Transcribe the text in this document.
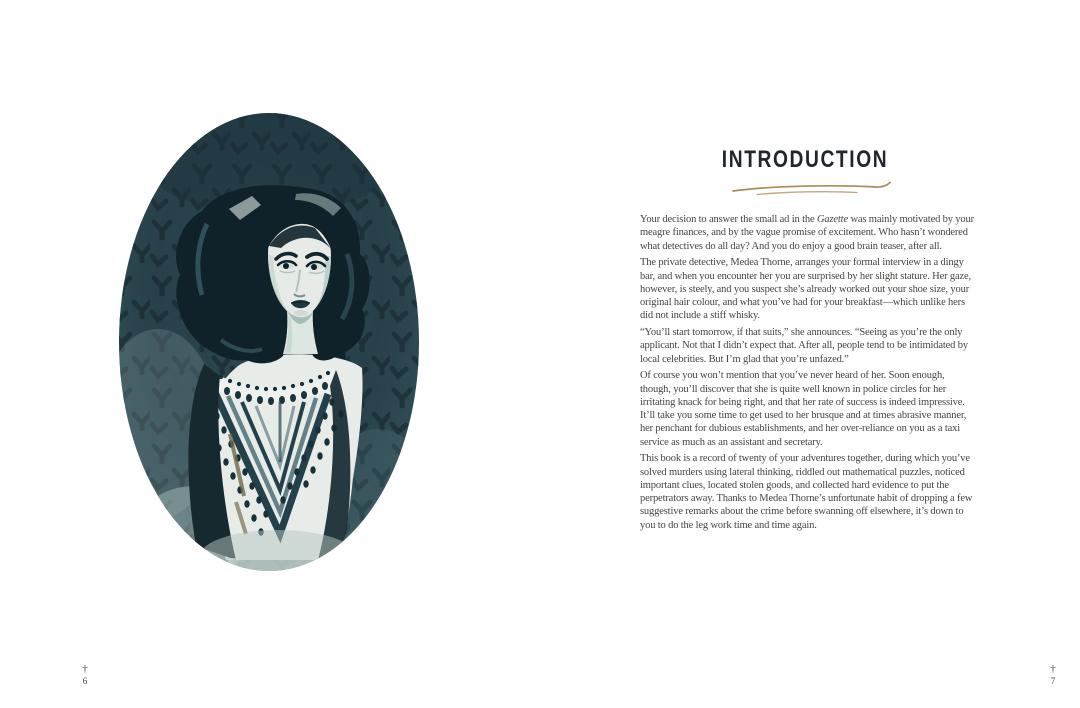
†
6
INTRODUCTION

Your decision to answer the small ad in the Gazette was mainly motivated by your meagre finances, and by the vague promise of excitement. Who hasn’t wondered what detectives do all day? And you do enjoy a good brain teaser, after all.

The private detective, Medea Thorne, arranges your formal interview in a dingy bar, and when you encounter her you are surprised by her slight stature. Her gaze, however, is steely, and you suspect she’s already worked out your shoe size, your original hair colour, and what you’ve had for your breakfast—which unlike hers did not include a stiff whisky.

“You’ll start tomorrow, if that suits,” she announces. “Seeing as you’re the only applicant. Not that I didn’t expect that. After all, people tend to be intimidated by local celebrities. But I’m glad that you’re unfazed.”

Of course you won’t mention that you’ve never heard of her. Soon enough, though, you’ll discover that she is quite well known in police circles for her irritating knack for being right, and that her rate of success is indeed impressive. It’ll take you some time to get used to her brusque and at times abrasive manner, her penchant for dubious establishments, and her over-reliance on you as a taxi service as much as an assistant and secretary.

This book is a record of twenty of your adventures together, during which you’ve solved murders using lateral thinking, riddled out mathematical puzzles, noticed important clues, located stolen goods, and collected hard evidence to put the perpetrators away. Thanks to Medea Thorne’s unfortunate habit of dropping a few suggestive remarks about the crime before swanning off elsewhere, it’s down to you to do the leg work time and time again.

†
7
